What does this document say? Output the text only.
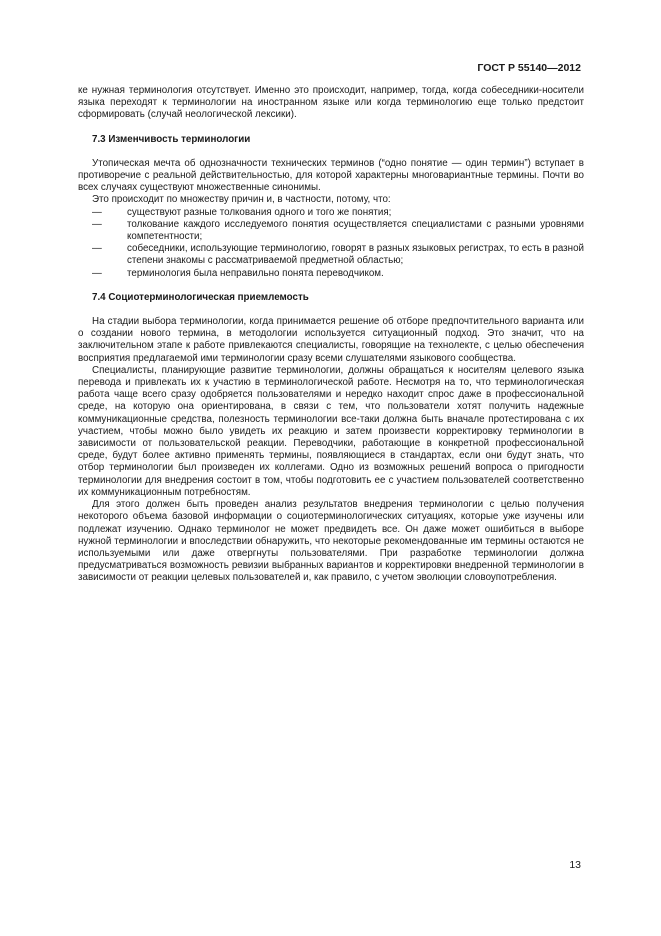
ГОСТ Р 55140—2012

ке нужная терминология отсутствует. Именно это происходит, например, тогда, когда собеседники-носители языка переходят к терминологии на иностранном языке или когда терминологию еще только предстоит сформировать (случай неологической лексики).

7.3 Изменчивость терминологии

Утопическая мечта об однозначности технических терминов (“одно понятие — один термин”) вступает в противоречие с реальной действительностью, для которой характерны многовариантные термины. Почти во всех случаях существуют множественные синонимы.

Это происходит по множеству причин и, в частности, потому, что:

—	существуют разные толкования одного и того же понятия;
—	толкование каждого исследуемого понятия осуществляется специалистами с разными уровнями компетентности;
—	собеседники, использующие терминологию, говорят в разных языковых регистрах, то есть в разной степени знакомы с рассматриваемой предметной областью;
—	терминология была неправильно понята переводчиком.
7.4 Социотерминологическая приемлемость

На стадии выбора терминологии, когда принимается решение об отборе предпочтительного варианта или о создании нового термина, в методологии используется ситуационный подход. Это значит, что на заключительном этапе к работе привлекаются специалисты, говорящие на технолекте, с целью обеспечения восприятия предлагаемой ими терминологии сразу всеми слушателями языкового сообщества.

Специалисты, планирующие развитие терминологии, должны обращаться к носителям целевого языка перевода и привлекать их к участию в терминологической работе. Несмотря на то, что терминологическая работа чаще всего сразу одобряется пользователями и нередко находит спрос даже в профессиональной среде, на которую она ориентирована, в связи с тем, что пользователи хотят получить надежные коммуникационные средства, полезность терминологии все-таки должна быть вначале протестирована с их участием, чтобы можно было увидеть их реакцию и затем произвести корректировку терминологии в зависимости от пользовательской реакции. Переводчики, работающие в конкретной профессиональной среде, будут более активно применять термины, появляющиеся в стандартах, если они будут знать, что отбор терминологии был произведен их коллегами. Одно из возможных решений вопроса о пригодности терминологии для внедрения состоит в том, чтобы подготовить ее с участием пользователей соответственно их коммуникационным потребностям.

Для этого должен быть проведен анализ результатов внедрения терминологии с целью получения некоторого объема базовой информации о социотерминологических ситуациях, которые уже изучены или подлежат изучению. Однако терминолог не может предвидеть все. Он даже может ошибиться в выборе нужной терминологии и впоследствии обнаружить, что некоторые рекомендованные им термины остаются не используемыми или даже отвергнуты пользователями. При разработке терминологии должна предусматриваться возможность ревизии выбранных вариантов и корректировки внедренной терминологии в зависимости от реакции целевых пользователей и, как правило, с учетом эволюции словоупотребления.

13
